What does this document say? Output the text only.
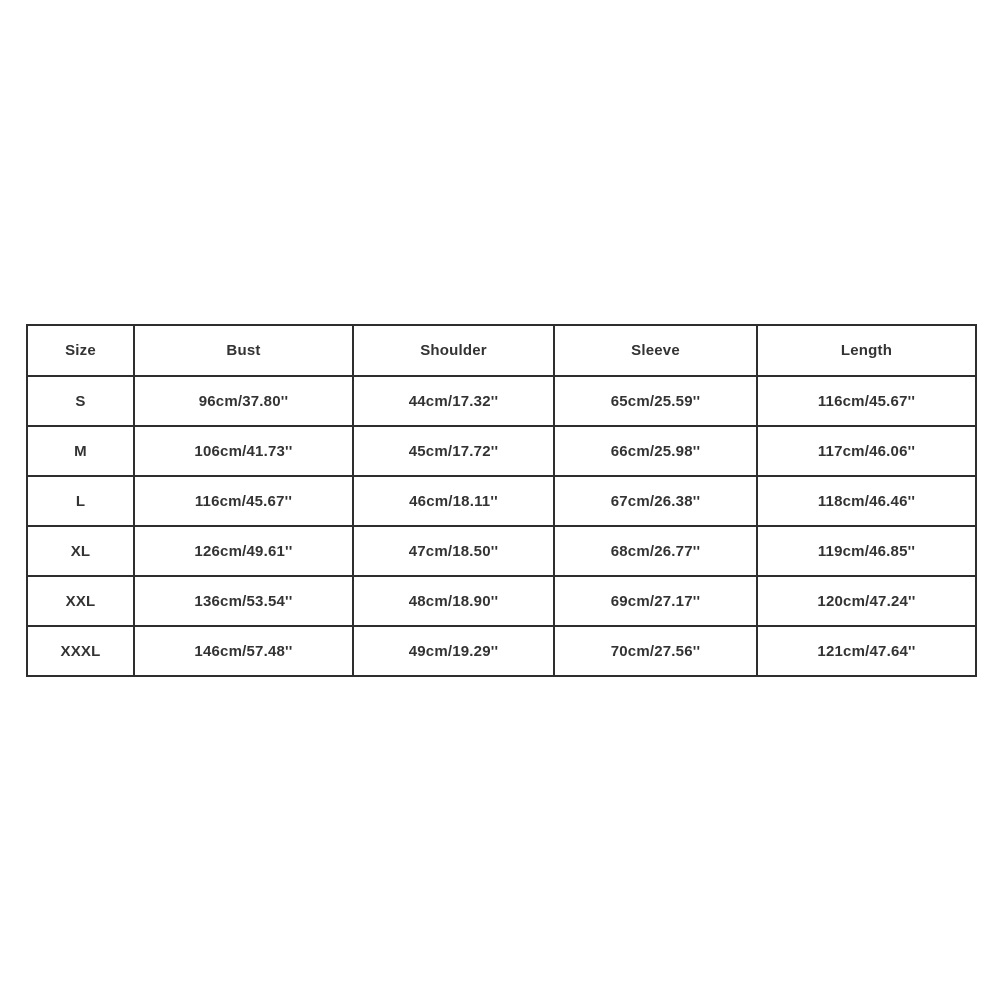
Size	Bust	Shoulder	Sleeve	Length
S	96cm/37.80''	44cm/17.32''	65cm/25.59''	116cm/45.67''
M	106cm/41.73''	45cm/17.72''	66cm/25.98''	117cm/46.06''
L	116cm/45.67''	46cm/18.11''	67cm/26.38''	118cm/46.46''
XL	126cm/49.61''	47cm/18.50''	68cm/26.77''	119cm/46.85''
XXL	136cm/53.54''	48cm/18.90''	69cm/27.17''	120cm/47.24''
XXXL	146cm/57.48''	49cm/19.29''	70cm/27.56''	121cm/47.64''
